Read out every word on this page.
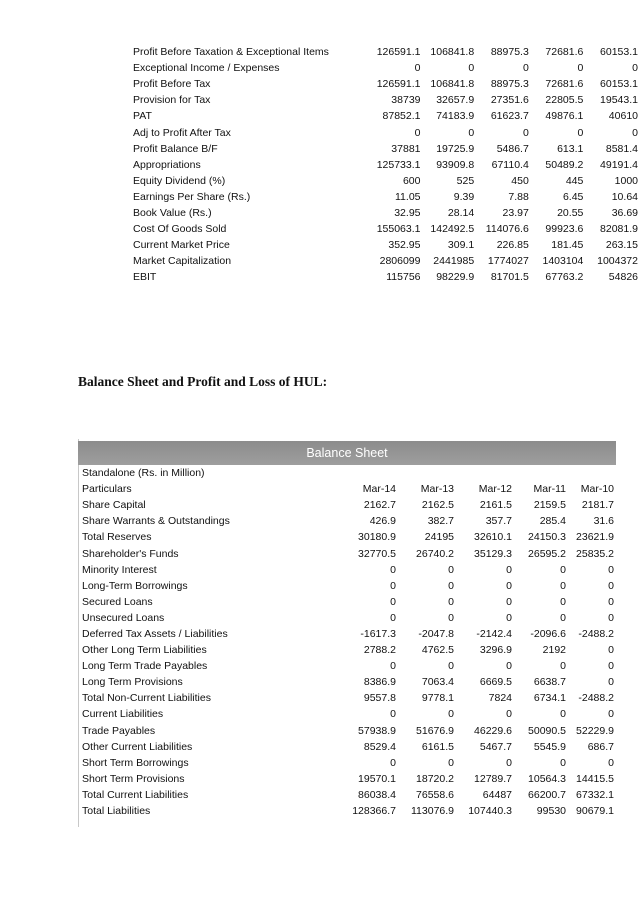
Profit Before Taxation & Exceptional Items	126591.1	106841.8	88975.3	72681.6	60153.1
Exceptional Income / Expenses	0	0	0	0	0
Profit Before Tax	126591.1	106841.8	88975.3	72681.6	60153.1
Provision for Tax	38739	32657.9	27351.6	22805.5	19543.1
PAT	87852.1	74183.9	61623.7	49876.1	40610
Adj to Profit After Tax	0	0	0	0	0
Profit Balance B/F	37881	19725.9	5486.7	613.1	8581.4
Appropriations	125733.1	93909.8	67110.4	50489.2	49191.4
Equity Dividend (%)	600	525	450	445	1000
Earnings Per Share (Rs.)	11.05	9.39	7.88	6.45	10.64
Book Value (Rs.)	32.95	28.14	23.97	20.55	36.69
Cost Of Goods Sold	155063.1	142492.5	114076.6	99923.6	82081.9
Current Market Price	352.95	309.1	226.85	181.45	263.15
Market Capitalization	2806099	2441985	1774027	1403104	1004372
EBIT	115756	98229.9	81701.5	67763.2	54826
Balance Sheet and Profit and Loss of HUL:
Balance Sheet
Standalone (Rs. in Million)					
Particulars	Mar-14	Mar-13	Mar-12	Mar-11	Mar-10
Share Capital	2162.7	2162.5	2161.5	2159.5	2181.7
Share Warrants & Outstandings	426.9	382.7	357.7	285.4	31.6
Total Reserves	30180.9	24195	32610.1	24150.3	23621.9
Shareholder's Funds	32770.5	26740.2	35129.3	26595.2	25835.2
Minority Interest	0	0	0	0	0
Long-Term Borrowings	0	0	0	0	0
Secured Loans	0	0	0	0	0
Unsecured Loans	0	0	0	0	0
Deferred Tax Assets / Liabilities	-1617.3	-2047.8	-2142.4	-2096.6	-2488.2
Other Long Term Liabilities	2788.2	4762.5	3296.9	2192	0
Long Term Trade Payables	0	0	0	0	0
Long Term Provisions	8386.9	7063.4	6669.5	6638.7	0
Total Non-Current Liabilities	9557.8	9778.1	7824	6734.1	-2488.2
Current Liabilities	0	0	0	0	0
Trade Payables	57938.9	51676.9	46229.6	50090.5	52229.9
Other Current Liabilities	8529.4	6161.5	5467.7	5545.9	686.7
Short Term Borrowings	0	0	0	0	0
Short Term Provisions	19570.1	18720.2	12789.7	10564.3	14415.5
Total Current Liabilities	86038.4	76558.6	64487	66200.7	67332.1
Total Liabilities	128366.7	113076.9	107440.3	99530	90679.1
